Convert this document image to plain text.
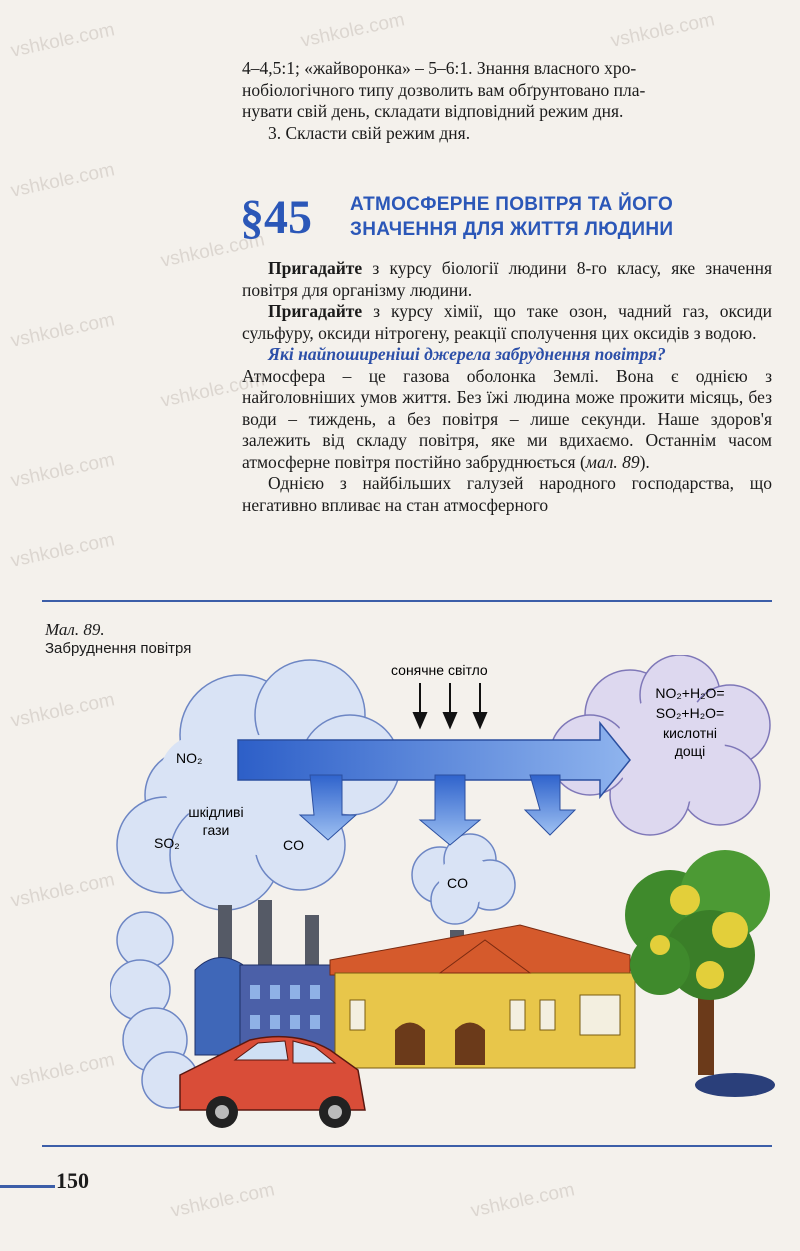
vshkole.com	vshkole.com	vshkole.com
vshkole.com
vshkole.com
vshkole.com
vshkole.com
vshkole.com
vshkole.com
vshkole.com
vshkole.com
vshkole.com
vshkole.com	vshkole.com

4–4,5:1; «жайворонка» – 5–6:1. Знання власного хро-

нобіологічного типу дозволить вам обґрунтовано пла-

нувати свій день, складати відповідний режим дня.

3. Скласти свій режим дня.

§45 АТМОСФЕРНЕ ПОВІТРЯ ТА ЙОГО
ЗНАЧЕННЯ ДЛЯ ЖИТТЯ ЛЮДИНИ

Пригадайте з курсу біології людини 8-го класу, яке значення повітря для організму людини.

Пригадайте з курсу хімії, що таке озон, чадний газ, оксиди сульфуру, оксиди нітрогену, реакції сполучення цих оксидів з водою.

Які найпоширеніші джерела забруднення повітря?

Атмосфера – це газова оболонка Землі. Вона є однією з найголовніших умов життя. Без їжі людина може прожити місяць, без води – тиждень, а без повітря – лише секунди. Наше здоров'я залежить від складу повітря, яке ми вдихаємо. Останнім часом атмосферне повітря постійно забруднюється (мал. 89).

Однією з найбільших галузей народного господарства, що негативно впливає на стан атмосферного

Мал. 89.
Забруднення повітря
сонячне світло
NO₂
шкідливі
гази
SO₂	CO
CO
NO₂+H₂O=
SO₂+H₂O=
кислотні
дощі
150
